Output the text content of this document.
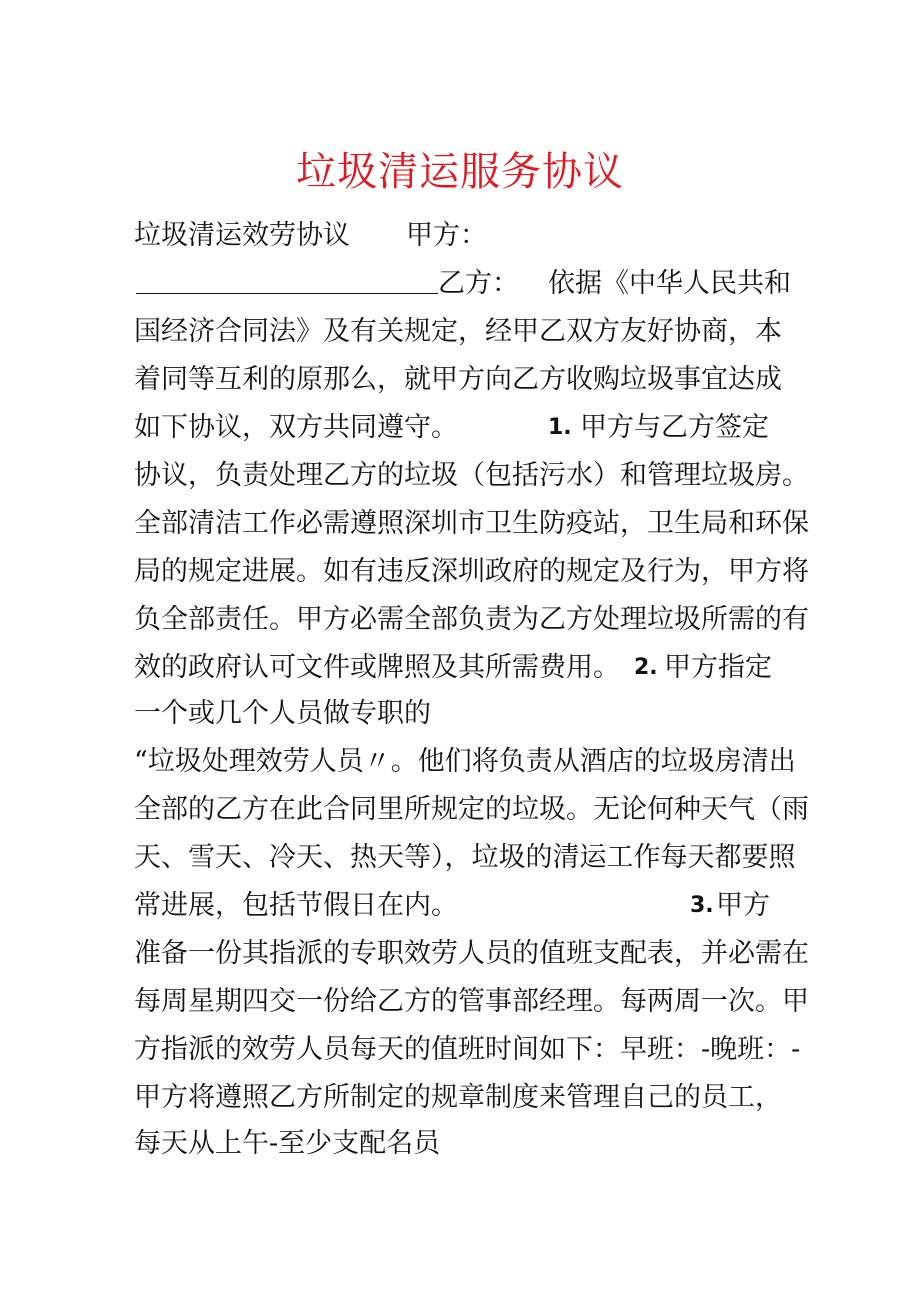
垃圾清运服务协议
垃圾清运效劳协议 甲方：
乙方： 依据《中华人民共和
国经济合同法》及有关规定，经甲乙双方友好协商，本
着同等互利的原那么，就甲方向乙方收购垃圾事宜达成
如下协议，双方共同遵守。	1. 甲方与乙方签定
协议，负责处理乙方的垃圾（包括污水）和管理垃圾房。
全部清洁工作必需遵照深圳市卫生防疫站，卫生局和环保
局的规定进展。如有违反深圳政府的规定及行为，甲方将
负全部责任。甲方必需全部负责为乙方处理垃圾所需的有
效的政府认可文件或牌照及其所需费用。 2. 甲方指定
一个或几个人员做专职的
“垃圾处理效劳人员〃。他们将负责从酒店的垃圾房清出
全部的乙方在此合同里所规定的垃圾。无论何种天气（雨
天、雪天、冷天、热天等），垃圾的清运工作每天都要照
常进展，包括节假日在内。	3. 甲方
准备一份其指派的专职效劳人员的值班支配表，并必需在
每周星期四交一份给乙方的管事部经理。每两周一次。甲
方指派的效劳人员每天的值班时间如下：早班：-晚班：-
甲方将遵照乙方所制定的规章制度来管理自己的员工，
每天从上午-至少支配名员
